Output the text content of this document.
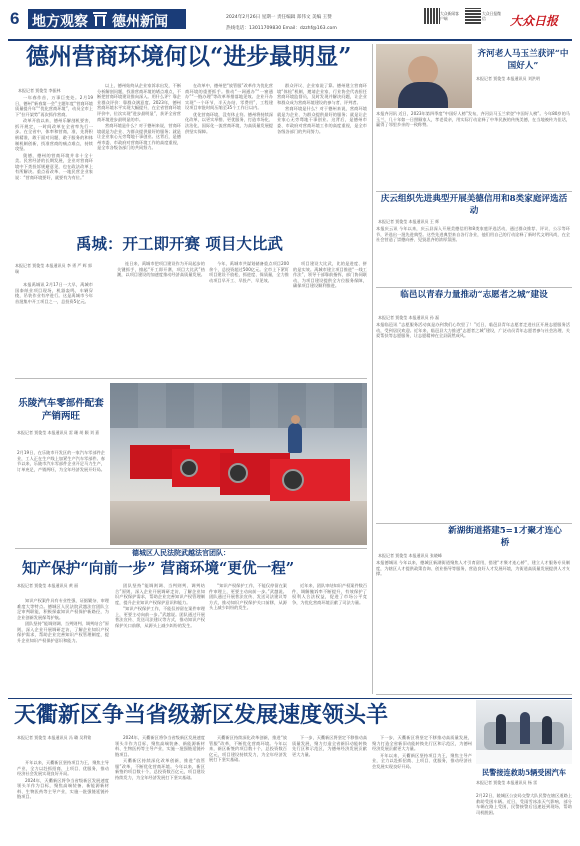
6 地方观察 德州新闻	2024年2月26日 星期一 责任编辑 郑伟文 美编 王赞
热线电话：13011709830 Email：dzzhf@163.com
大众新闻客户端
大众日报微信	大众日报
德州营商环境何以“进步最明显”
本报记者 贾俊莹 李振林

一年春作首，万事巨变处。2月19日，德州“新春第一会”主题年度“营商环境质量提升年”“优化营商环境”，动员全市上下“拉开架势”再次抓作营商。

改革开放以来，德州乐解剖机要害，拆开规定，一时间改革在全省率先行一步。在全省中，体率和营商，准，先将积极精准，敢于面对问题、敢于服务的和体制机制创新，找准营商的痛点难点，持续攻坚。

奥德，德州的营商环境并非十全十美。民营经济的长期发展，企业对营商环境中下类投诉规避意见，也在政法改革上有所解决。重点看改革、一地民营企业家说：“营商环境要好，就要有为有位。”

以上，德州始终从企业家诉求出发，不断分析解剖问题，找准营商环境的堵点难点，不断把营商环境建设推向深入。用什么评？靠企业群众评价：靠群众满意度。2023年，德州营商环境水平实现大幅提升，在全省营商环境评价中，位次实现“进步最明显”，获评全省营商环境进步最明显的市。

营商环境是什么？对于德州来说，营商环境就是为企业、为群众提供最好的服务；就是让企业家心无旁骛地干事创业。这背后，是德州市委、市政府对营商环境工作的高度重视，是全市各级各部门的共同努力。

在改革中，德州把“放管服”改革作为优化营商环境的重要抓手。推动“一网通办”“一窗通办”“一链办理”等改革举措落地见效。企业开办实现“一个环节、半天办结、零费用”，工程建设项目审批时间压缩至35个工作日以内。

优化营商环境，没有休止符。德州将持续深化改革，以更实举措、更优服务，打造市场化、法治化、国际化一流营商环境，为高质量发展提供坚实保障。

群众评议、企业家说了算。德州建立营商环境“体检”机制，邀请企业家、行业协会代表担任营商环境监督员，及时发现并解决问题，让企业和群众成为营商环境建设的参与者、评判者。

营商环境是什么？对于德州来说，营商环境就是为企业、为群众提供最好的服务；就是让企业家心无旁骛地干事创业。这背后，是德州市委、市政府对营商环境工作的高度重视，是全市各级各部门的共同努力。

禹城：开工即开赛 项目大比武
本报记者 贾俊莹 本报通讯员 李 勇 严 辉 郭 瑞

本报禹城讯 2月17日一大早，禹城市国泰纸业项目现场，机器轰鸣，车辆穿梭，吊装作业有序进行。这是禹城市今年首批集中开工项目之一，总投资5亿元。

连日来，禹城市把项目建设作为开局起步的关键抓手，掀起“开工即开赛，项目大比武”热潮，以项目建设的加速度推动经济高质量发展。

今年，禹城市共谋划储备重点项目200余个，总投资超过500亿元。全市上下紧盯项目建设不放松，抓进度、保质量，全力推动项目早开工、早投产、早见效。

项目建设大比武，比的是进度、拼的是实效。禹城市建立项目推进“一线工作法”，领导干部靠前指挥，部门协同联动，为项目建设提供全方位服务保障，确保项目建设顺利推进。

乐陵汽车零部件配套产销两旺
本报记者 贾俊莹 本报通讯员 雷 珊 胡 颖 刘 嘉
2月19日，在乐陵市开发区的一家汽车零部件企业，工人正在生产线上加紧生产汽车零部件。春节以来，乐陵市汽车零部件企业开足马力生产，订单充足，产销两旺，为全年经济发展开好局。
德城区人民法院武越法官团队：
知产保护“向前一步” 营商环境“更优一程”
本报记者 贾俊莹 本报通讯员 黄 丽

知识产权案件具有专业性强、证据繁杂、审理难度大等特点。德城区人民法院武越法官团队立足审判职能，积极探索知识产权保护新路径，为企业创新发展保驾护航。

团队坚持“能调则调、当判则判、调判结合”原则，深入企业开展调研走访，了解企业知识产权保护需求，帮助企业完善知识产权管理制度，提升企业知识产权保护意识和能力。

团队坚持“能调则调、当判则判、调判结合”原则，深入企业开展调研走访，了解企业知识产权保护需求，帮助企业完善知识产权管理制度，提升企业知识产权保护意识和能力。

“知识产权保护工作，不能仅停留在案件审理上，更要主动向前一步。”武越说。团队通过开展普法宣传、发送司法建议等方式，推动知识产权保护关口前移，从源头上减少纠纷的发生。

“知识产权保护工作，不能仅停留在案件审理上，更要主动向前一步。”武越说。团队通过开展普法宣传、发送司法建议等方式，推动知识产权保护关口前移，从源头上减少纠纷的发生。

近年来，团队审结知识产权案件数百件，调解撤诉率不断提升，有效保护了权利人合法权益，促进了市场公平竞争，为优化营商环境贡献了司法力量。

天衢新区争当省级新区发展速度领头羊
本报记者 贾俊莹 本报通讯员 冯 璐 吴利铭

开年以来，天衢新区坚持项目为王，聚焦主导产业，全力以赴抓招商、上项目、优服务，推动经济社会发展实现良好开局。

2024年，天衢新区将争当省级新区发展速度领头羊作为目标，聚焦高端装备、新能源新材料、生物医药等主导产业，实施一批强链延链补链项目。

2024年，天衢新区将争当省级新区发展速度领头羊作为目标，聚焦高端装备、新能源新材料、生物医药等主导产业，实施一批强链延链补链项目。

天衢新区持续深化改革创新，推进“放管服”改革，不断优化营商环境。今年以来，新区新签约项目数十个，总投资数百亿元，项目建设持续发力，为全年经济发展打下坚实基础。

天衢新区持续深化改革创新，推进“放管服”改革，不断优化营商环境。今年以来，新区新签约项目数十个，总投资数百亿元，项目建设持续发力，为全年经济发展打下坚实基础。

下一步，天衢新区将坚定不移推动高质量发展，聚力打造全省新旧动能转换先行区和示范区，为德州经济发展贡献更大力量。

下一步，天衢新区将坚定不移推动高质量发展，聚力打造全省新旧动能转换先行区和示范区，为德州经济发展贡献更大力量。

开年以来，天衢新区坚持项目为王，聚焦主导产业，全力以赴抓招商、上项目、优服务，推动经济社会发展实现良好开局。

齐河老人马玉兰获评“中国好人”
本报记者 贾俊莹 本报通讯员 刘洪明
本报齐河讯 近日，2023年第四季度“中国好人榜”发布，齐河县马玉兰荣登“中国好人榜”。今年80岁的马玉兰，几十年如一日照顾家人，孝老爱亲，用实际行动诠释了中华民族的传统美德，在当地被传为佳话，赢得了邻里乡亲的一致称赞。
庆云组织先进典型开展美德信用和8类家庭评选活动
本报记者 贾俊莹 本报通讯员 王 辉
本报庆云讯 今年以来，庆云县深入开展美德信用和8类家庭评选活动，通过群众推荐、评议、公示等环节，评选出一批先进典型。这些先进典型来自各行各业，他们用自己的行动诠释了新时代文明风尚，在全社会营造了崇德向善、见贤思齐的浓厚氛围。
临邑以青春力量推动“志愿者之城”建设
本报记者 贾俊莹 本报通讯员 孙 磊
本报临邑讯 “志愿服务活动真是办到我们心坎里了！”近日，临邑县青年志愿者走进社区开展志愿服务活动，受到居民欢迎。近年来，临邑县大力推进“志愿者之城”建设，广泛动员青年志愿者参与社会治理、关爱帮扶等志愿服务，让志愿精神在全县蔚然成风。
新湖街道搭建5=1才聚才连心桥
本报记者 贾俊莹 本报通讯员 张晓峰
本报德城讯 今年以来，德城区新湖街道聚焦人才引育留用，搭建“才聚才连心桥”，建立人才服务专员制度，为辖区人才提供政策咨询、创业指导等服务，营造良好人才发展环境，为街道高质量发展提供人才支撑。
民警接连救助5辆受困汽车
本报记者 贾俊莹 本报通讯员 杨 雷
2月22日，陵城区公安局交警大队民警在辖区道路上救助受困车辆。近日，受雨雪冰冻天气影响，部分车辆在路上受困，民警接警后迅速赶到现场，帮助司机脱困。
